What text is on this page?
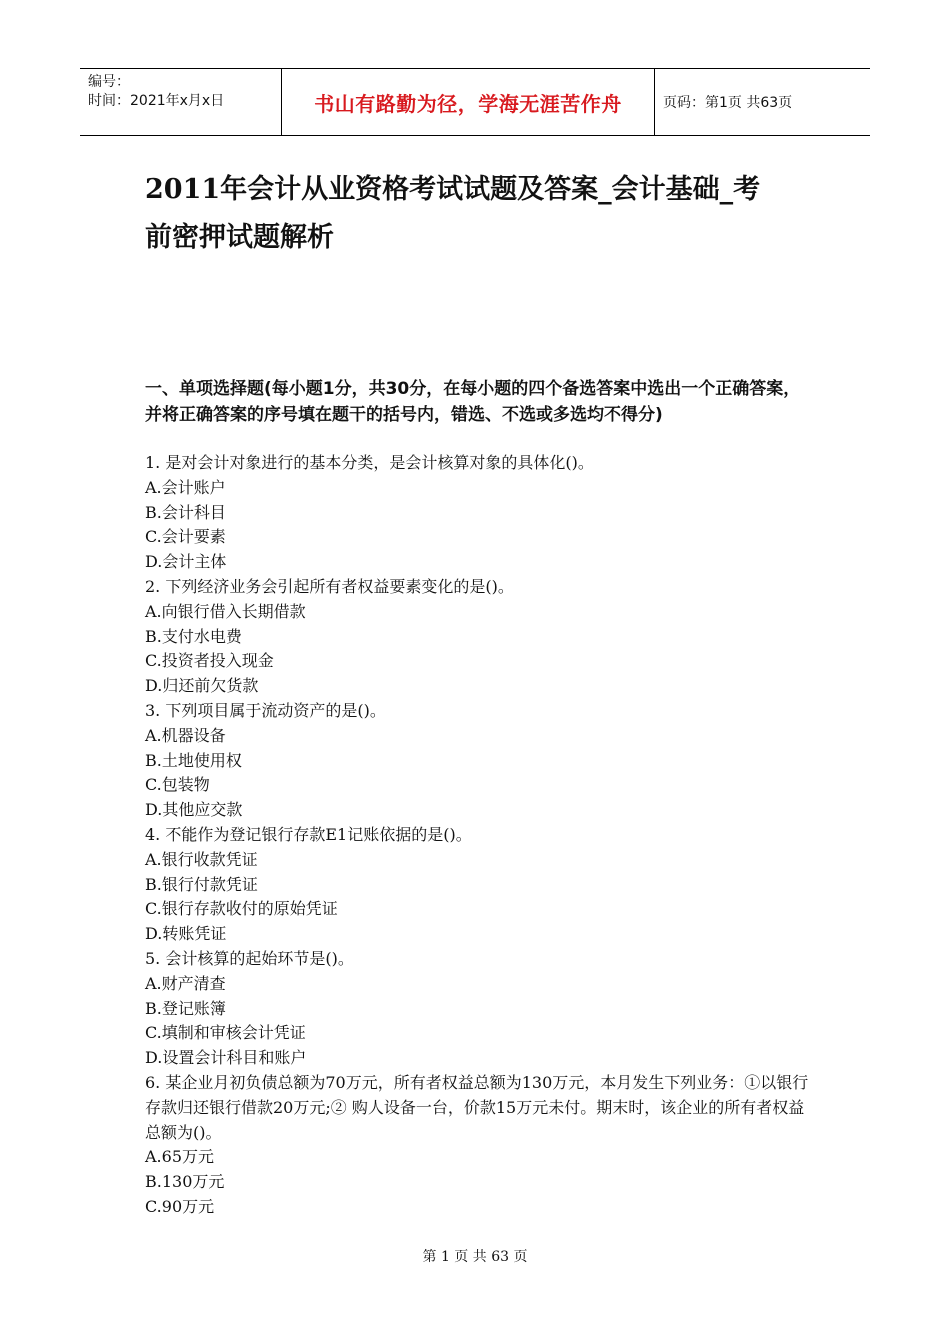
编号：
时间：2021年x月x日	书山有路勤为径，学海无涯苦作舟	页码：第1页 共63页
2011年会计从业资格考试试题及答案_会计基础_考
前密押试题解析

一、单项选择题(每小题1分，共30分，在每小题的四个备选答案中选出一个正确答案，并将正确答案的序号填在题干的括号内，错选、不选或多选均不得分)

1. 是对会计对象进行的基本分类，是会计核算对象的具体化()。

A.会计账户

B.会计科目

C.会计要素

D.会计主体

2. 下列经济业务会引起所有者权益要素变化的是()。

A.向银行借入长期借款

B.支付水电费

C.投资者投入现金

D.归还前欠货款

3. 下列项目属于流动资产的是()。

A.机器设备

B.土地使用权

C.包装物

D.其他应交款

4. 不能作为登记银行存款E1记账依据的是()。

A.银行收款凭证

B.银行付款凭证

C.银行存款收付的原始凭证

D.转账凭证

5. 会计核算的起始环节是()。

A.财产清查

B.登记账簿

C.填制和审核会计凭证

D.设置会计科目和账户

6. 某企业月初负债总额为70万元，所有者权益总额为130万元，本月发生下列业务：①以银行存款归还银行借款20万元;② 购人设备一台，价款15万元未付。期末时，该企业的所有者权益总额为()。

A.65万元

B.130万元

C.90万元

第 1 页 共 63 页
